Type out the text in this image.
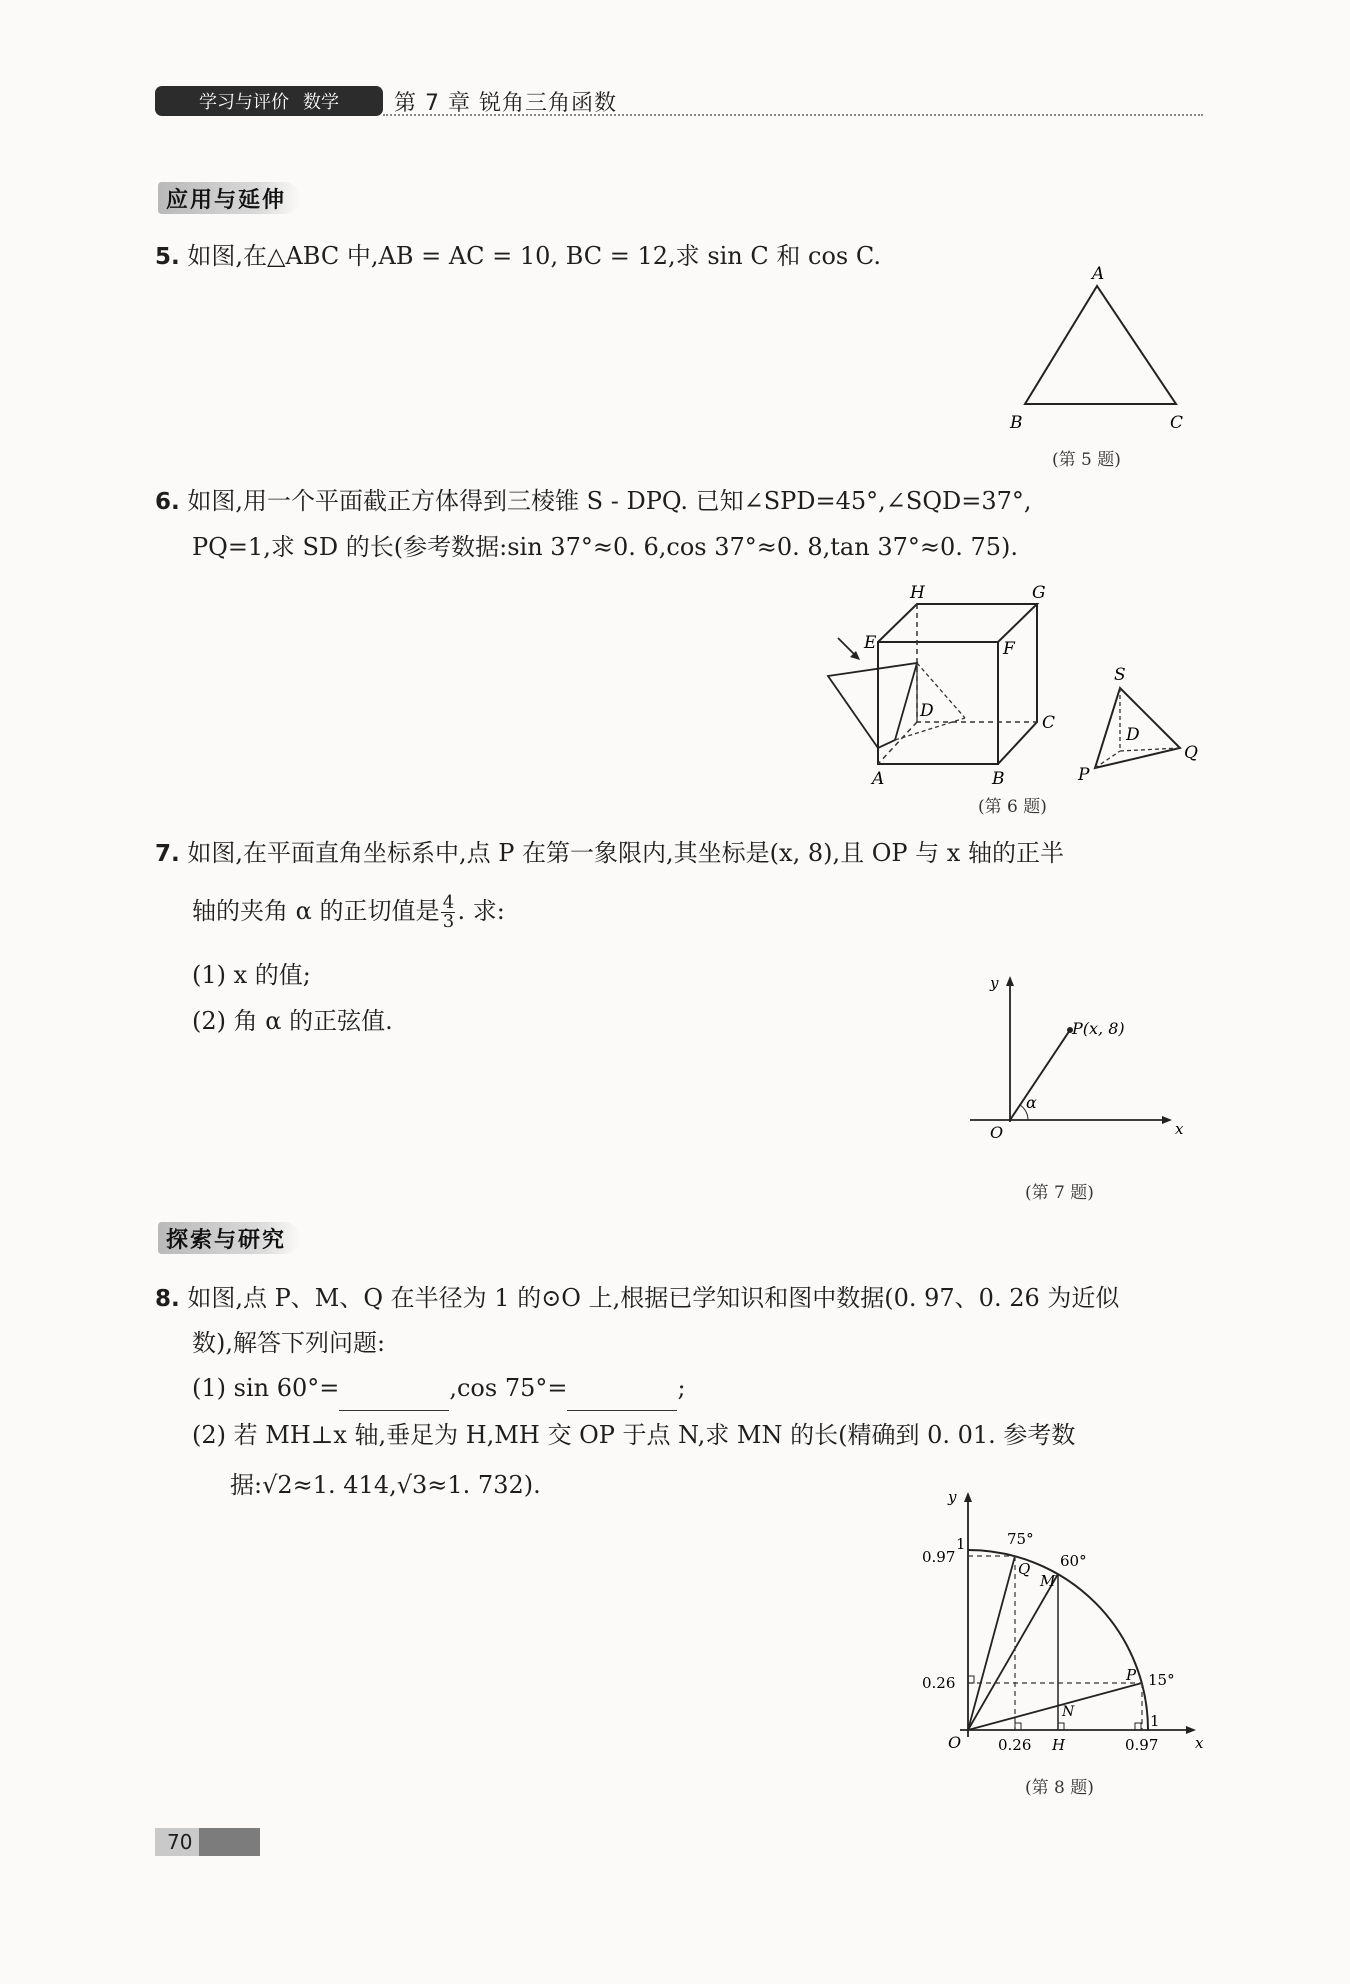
学习与评价 数学	第 7 章 锐角三角函数
应用与延伸
5. 如图,在△ABC 中,AB = AC = 10, BC = 12,求 sin C 和 cos C.
A
B	C
(第 5 题)
6. 如图,用一个平面截正方体得到三棱锥 S - DPQ. 已知∠SPD=45°,∠SQD=37°,
PQ=1,求 SD 的长(参考数据:sin 37°≈0. 6,cos 37°≈0. 8,tan 37°≈0. 75).
H	G
E	F
D
C
A	B
S
D
P
Q
(第 6 题)
7. 如图,在平面直角坐标系中,点 P 在第一象限内,其坐标是(x, 8),且 OP 与 x 轴的正半
轴的夹角 α 的正切值是 $\frac{4}{3}$ . 求:
(1) x 的值;
(2) 角 α 的正弦值.
y
x
O
P(x, 8)
α
(第 7 题)
探索与研究
8. 如图,点 P、M、Q 在半径为 1 的⊙O 上,根据已学知识和图中数据(0. 97、0. 26 为近似
数),解答下列问题:
(1) sin 60°=	,cos 75°=	;
(2) 若 MH⊥x 轴,垂足为 H,MH 交 OP 于点 N,求 MN 的长(精确到 0. 01. 参考数
据:√2≈1. 414,√3≈1. 732).	y
x
O
1
1
0.97
0.26
0.26 H	0.97
75°
60°
15°
Q
M
P
N
(第 8 题)
70
